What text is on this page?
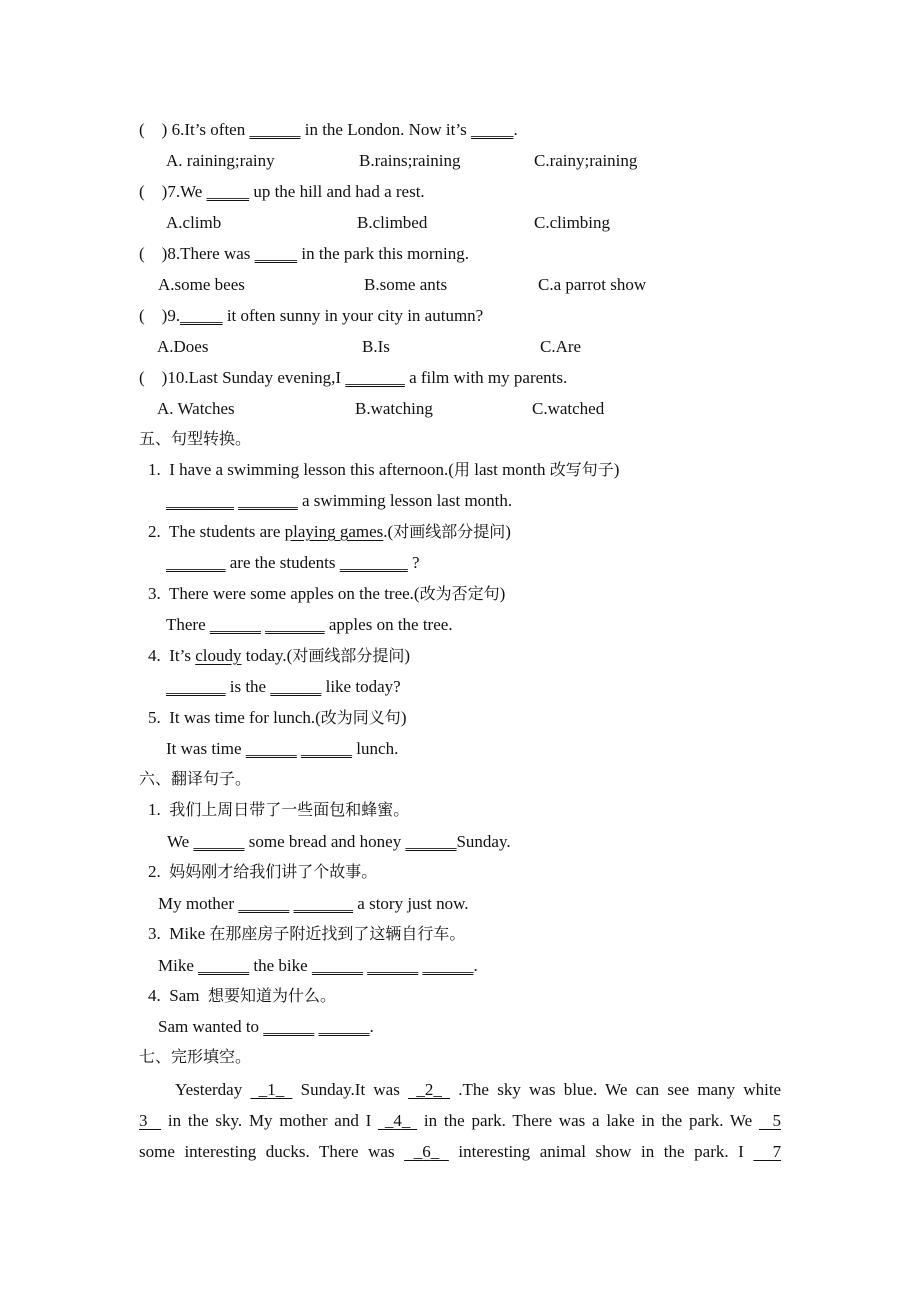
(    ) 6.It’s often ______ in the London. Now it’s _____.
A. raining;rainy	B.rains;raining	C.rainy;raining
(    )7.We _____ up the hill and had a rest.
A.climb	B.climbed	C.climbing
(    )8.There was _____ in the park this morning.
A.some bees	B.some ants	C.a parrot show
(    )9._____ it often sunny in your city in autumn?
A.Does	B.Is	C.Are
(    )10.Last Sunday evening,I _______ a film with my parents.
A. Watches	B.watching	C.watched
五、句型转换。
1. I have a swimming lesson this afternoon.(用 last month 改写句子)
________ _______ a swimming lesson last month.
2. The students are playing games.(对画线部分提问)
_______ are the students ________ ?
3. There were some apples on the tree.(改为否定句)
There ______ _______ apples on the tree.
4. It’s cloudy today.(对画线部分提问)
_______ is the ______ like today?
5. It was time for lunch.(改为同义句)
It was time ______ ______ lunch.
六、翻译句子。
1. 我们上周日带了一些面包和蜂蜜。
We ______ some bread and honey ______Sunday.
2. 妈妈刚才给我们讲了个故事。
My mother ______ _______ a story just now.
3. Mike 在那座房子附近找到了这辆自行车。
Mike ______ the bike ______ ______ ______.
4. Sam  想要知道为什么。
Sam wanted to ______ ______.
七、完形填空。
Yesterday  _1_  Sunday.It was  _2_  .The sky was blue. We can see many white
3 in the sky. My mother and I  _4_  in the park. There was a lake in the park. We 5
some interesting ducks. There was  _6_  interesting animal show in the park. I 7
